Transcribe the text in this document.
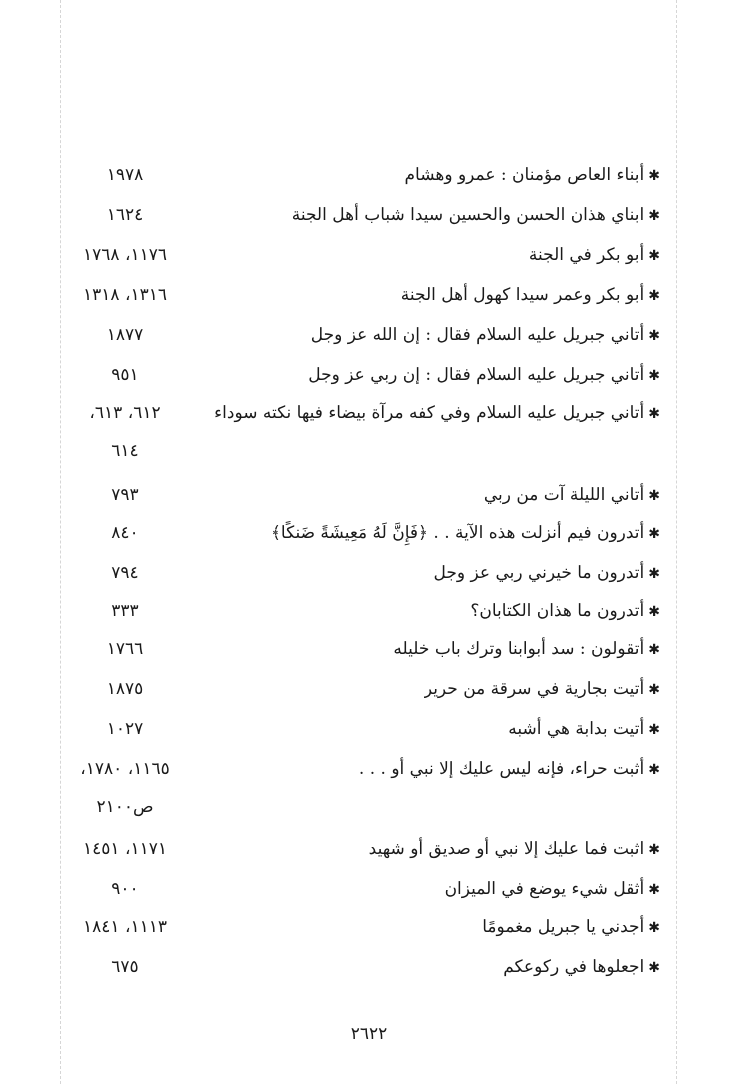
✱أبناء العاص مؤمنان : عمرو وهشام
١٩٧٨
✱ابناي هذان الحسن والحسين سيدا شباب أهل الجنة
١٦٢٤
✱أبو بكر في الجنة
١١٧٦، ١٧٦٨
✱أبو بكر وعمر سيدا كهول أهل الجنة
١٣١٦، ١٣١٨
✱أتاني جبريل عليه السلام فقال : إن الله عز وجل
١٨٧٧
✱أتاني جبريل عليه السلام فقال : إن ربي عز وجل
٩٥١
✱أتاني جبريل عليه السلام وفي كفه مرآة بيضاء فيها نكته سوداء
٦١٢، ٦١٣،
٦١٤
✱أتاني الليلة آت من ربي
٧٩٣
✱أتدرون فيم أنزلت هذه الآية . . ﴿فَإِنَّ لَهُ مَعِيشَةً ضَنكًا﴾
٨٤٠
✱أتدرون ما خيرني ربي عز وجل
٧٩٤
✱أتدرون ما هذان الكتابان؟
٣٣٣
✱أتقولون : سد أبوابنا وترك باب خليله
١٧٦٦
✱أتيت بجارية في سرقة من حرير
١٨٧٥
✱أتيت بدابة هي أشبه
١٠٢٧
✱أثبت حراء، فإنه ليس عليك إلا نبي أو . . .
١١٦٥، ١٧٨٠،
ص٢١٠٠
✱اثبت فما عليك إلا نبي أو صديق أو شهيد
١١٧١، ١٤٥١
✱أثقل شيء يوضع في الميزان
٩٠٠
✱أجدني يا جبريل مغمومًا
١١١٣، ١٨٤١
✱اجعلوها في ركوعكم
٦٧٥
٢٦٢٢
